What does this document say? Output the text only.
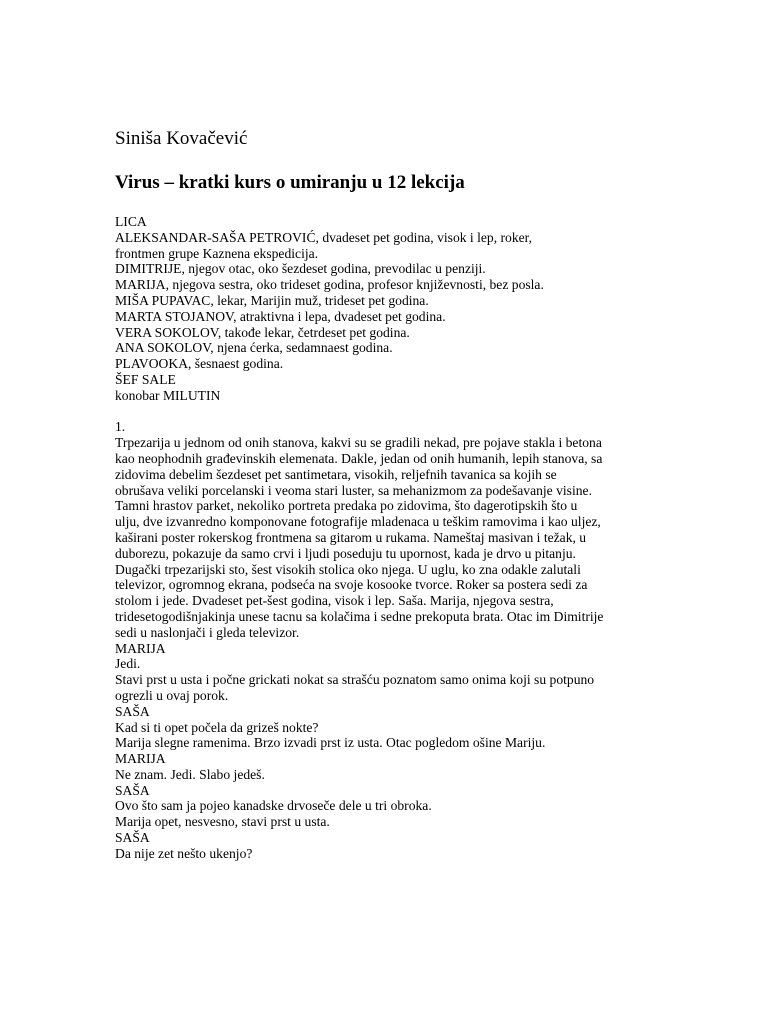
Siniša Kovačević
Virus – kratki kurs o umiranju u 12 lekcija
LICA
ALEKSANDAR-SAŠA PETROVIĆ, dvadeset pet godina, visok i lep, roker,
frontmen grupe Kaznena ekspedicija.
DIMITRIJE, njegov otac, oko šezdeset godina, prevodilac u penziji.
MARIJA, njegova sestra, oko trideset godina, profesor književnosti, bez posla.
MIŠA PUPAVAC, lekar, Marijin muž, trideset pet godina.
MARTA STOJANOV, atraktivna i lepa, dvadeset pet godina.
VERA SOKOLOV, takođe lekar, četrdeset pet godina.
ANA SOKOLOV, njena ćerka, sedamnaest godina.
PLAVOOKA, šesnaest godina.
ŠEF SALE
konobar MILUTIN
1.
Trpezarija u jednom od onih stanova, kakvi su se gradili nekad, pre pojave stakla i betona
kao neophodnih građevinskih elemenata. Dakle, jedan od onih humanih, lepih stanova, sa
zidovima debelim šezdeset pet santimetara, visokih, reljefnih tavanica sa kojih se
obrušava veliki porcelanski i veoma stari luster, sa mehanizmom za podešavanje visine.
Tamni hrastov parket, nekoliko portreta predaka po zidovima, što dagerotipskih što u
ulju, dve izvanredno komponovane fotografije mladenaca u teškim ramovima i kao uljez,
kaširani poster rokerskog frontmena sa gitarom u rukama. Nameštaj masivan i težak, u
duborezu, pokazuje da samo crvi i ljudi poseduju tu upornost, kada je drvo u pitanju.
Dugački trpezarijski sto, šest visokih stolica oko njega. U uglu, ko zna odakle zalutali
televizor, ogromnog ekrana, podseća na svoje kosooke tvorce. Roker sa postera sedi za
stolom i jede. Dvadeset pet-šest godina, visok i lep. Saša. Marija, njegova sestra,
tridesetogodišnjakinja unese tacnu sa kolačima i sedne prekoputa brata. Otac im Dimitrije
sedi u naslonjači i gleda televizor.
MARIJA
Jedi.
Stavi prst u usta i počne grickati nokat sa strašću poznatom samo onima koji su potpuno
ogrezli u ovaj porok.
SAŠA
Kad si ti opet počela da grizeš nokte?
Marija slegne ramenima. Brzo izvadi prst iz usta. Otac pogledom ošine Mariju.
MARIJA
Ne znam. Jedi. Slabo jedeš.
SAŠA
Ovo što sam ja pojeo kanadske drvoseče dele u tri obroka.
Marija opet, nesvesno, stavi prst u usta.
SAŠA
Da nije zet nešto ukenjo?
